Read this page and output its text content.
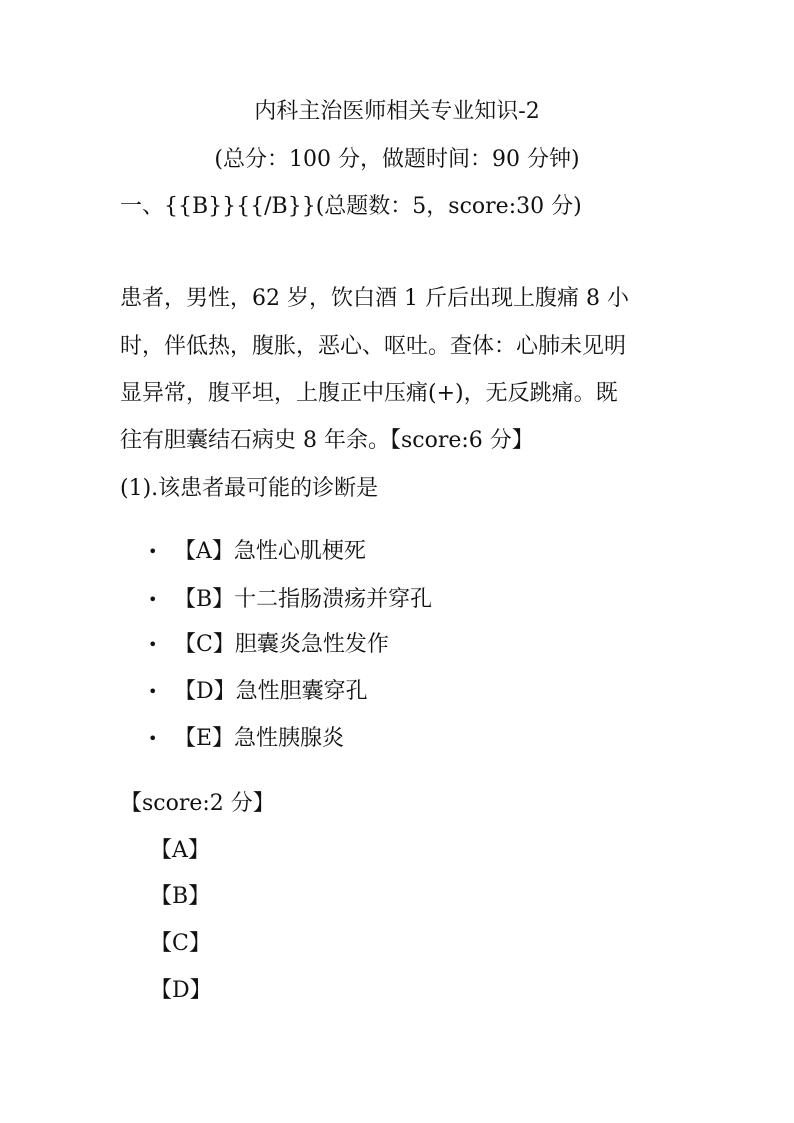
内科主治医师相关专业知识-2
(总分：100 分，做题时间：90 分钟)
一、{{B}}{{/B}}(总题数：5，score:30 分)
患者，男性，62 岁，饮白酒 1 斤后出现上腹痛 8 小
时，伴低热，腹胀，恶心、呕吐。查体：心肺未见明
显异常，腹平坦，上腹正中压痛(+)，无反跳痛。既
往有胆囊结石病史 8 年余。【score:6 分】
(1).该患者最可能的诊断是
• 【A】急性心肌梗死
• 【B】十二指肠溃疡并穿孔
• 【C】胆囊炎急性发作
• 【D】急性胆囊穿孔
• 【E】急性胰腺炎
【score:2 分】
【A】
【B】
【C】
【D】
